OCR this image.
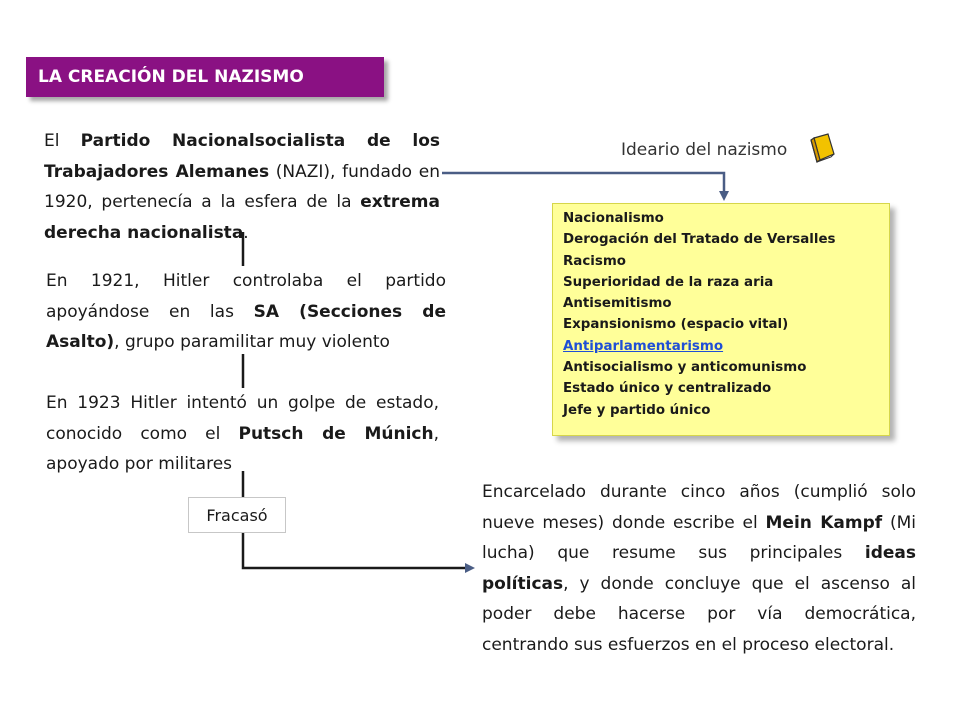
LA CREACIÓN DEL NAZISMO
El Partido Nacionalsocialista de los Trabajadores Alemanes (NAZI), fundado en 1920, pertenecía a la esfera de la extrema derecha nacionalista.
En 1921, Hitler controlaba el partido apoyándose en las SA (Secciones de Asalto), grupo paramilitar muy violento
En 1923 Hitler intentó un golpe de estado, conocido como el Putsch de Múnich, apoyado por militares
Fracasó
Encarcelado durante cinco años (cumplió solo nueve meses) donde escribe el Mein Kampf (Mi lucha) que resume sus principales ideas políticas, y donde concluye que el ascenso al poder debe hacerse por vía democrática, centrando sus esfuerzos en el proceso electoral.
Ideario del nazismo
Nacionalismo
Derogación del Tratado de Versalles
Racismo
Superioridad de la raza aria
Antisemitismo
Expansionismo (espacio vital)
Antiparlamentarismo
Antisocialismo y anticomunismo
Estado único y centralizado
Jefe y partido único
